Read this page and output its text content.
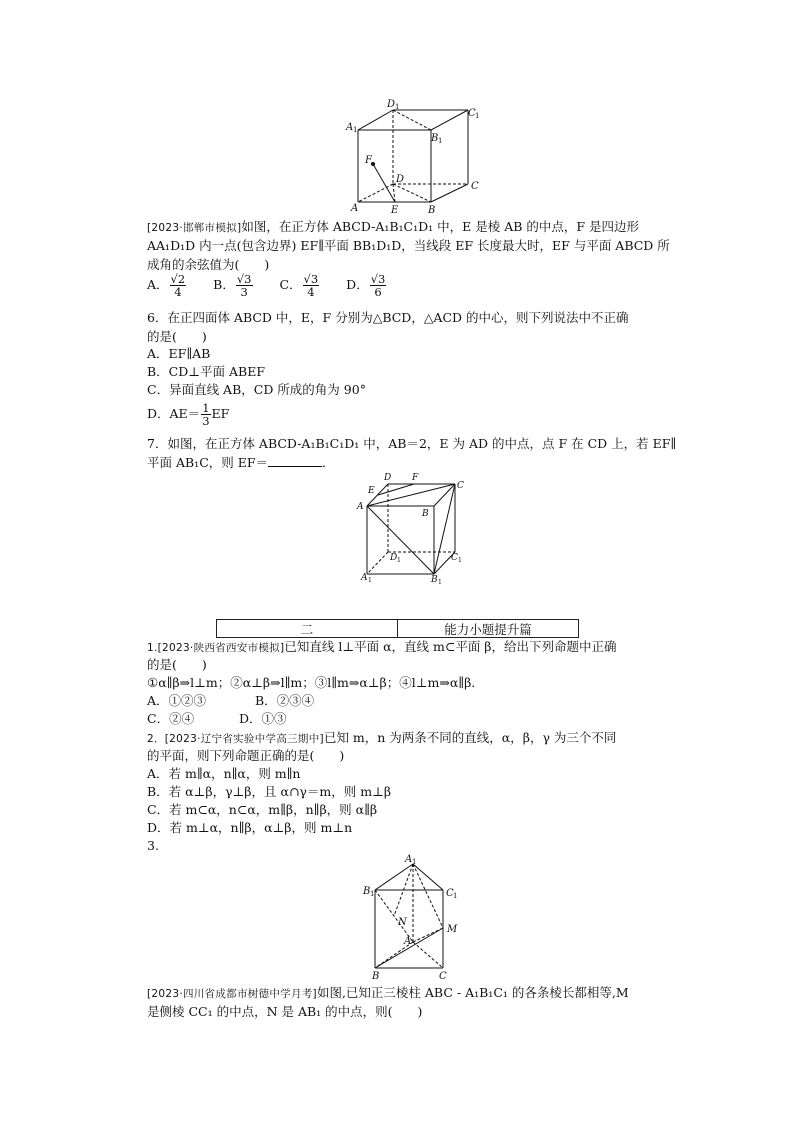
D 1
A 1
B 1
C 1
F
D
C
A	E	B
[2023·邯郸市模拟]如图，在正方体 ABCD-A₁B₁C₁D₁ 中，E 是棱 AB 的中点，F 是四边形
AA₁D₁D 内一点(包含边界) EF∥平面 BB₁D₁D，当线段 EF 长度最大时，EF 与平面 ABCD 所
成角的余弦值为(　　)
A． $\frac{√2}{4}$ B． $\frac{√3}{3}$ C． $\frac{√3}{4}$ D． $\frac{√3}{6}$
6．在正四面体 ABCD 中，E，F 分别为△BCD，△ACD 的中心，则下列说法中不正确
的是(　　)
A．EF∥AB
B．CD⊥平面 ABEF
C．异面直线 AB，CD 所成的角为 90°
D．$AE= \frac{1}{3}$ EF
7．如图，在正方体 ABCD-A₁B₁C₁D₁ 中，AB＝2，E 为 AD 的中点，点 F 在 CD 上，若 EF∥
平面 AB₁C，则 EF＝	．
D F
E	C
A
B
D 1	C 1
A 1	B 1
二	能力小题提升篇
1.[2023·陕西省西安市模拟]已知直线 l⊥平面 α，直线 m⊂平面 β，给出下列命题中正确
的是(　　)
①α∥β⇒l⊥m；②α⊥β⇒l∥m；③l∥m⇒α⊥β；④l⊥m⇒α∥β.
A．①②③	B．②③④
C．②④	D．①③
2．[2023·辽宁省实验中学高三期中]已知 m，n 为两条不同的直线，α，β，γ 为三个不同
的平面，则下列命题正确的是(　　)
A．若 m∥α，n∥α，则 m∥n
B．若 α⊥β，γ⊥β，且 α∩γ＝m，则 m⊥β
C．若 m⊂α，n⊂α，m∥β，n∥β，则 α∥β
D．若 m⊥α，n∥β，α⊥β，则 m⊥n
3.
A 1
B 1	C 1
N
M
A
B	C
[2023·四川省成都市树德中学月考]如图,已知正三棱柱 ABC - A₁B₁C₁ 的各条棱长都相等,M
是侧棱 CC₁ 的中点，N 是 AB₁ 的中点，则(　　)
